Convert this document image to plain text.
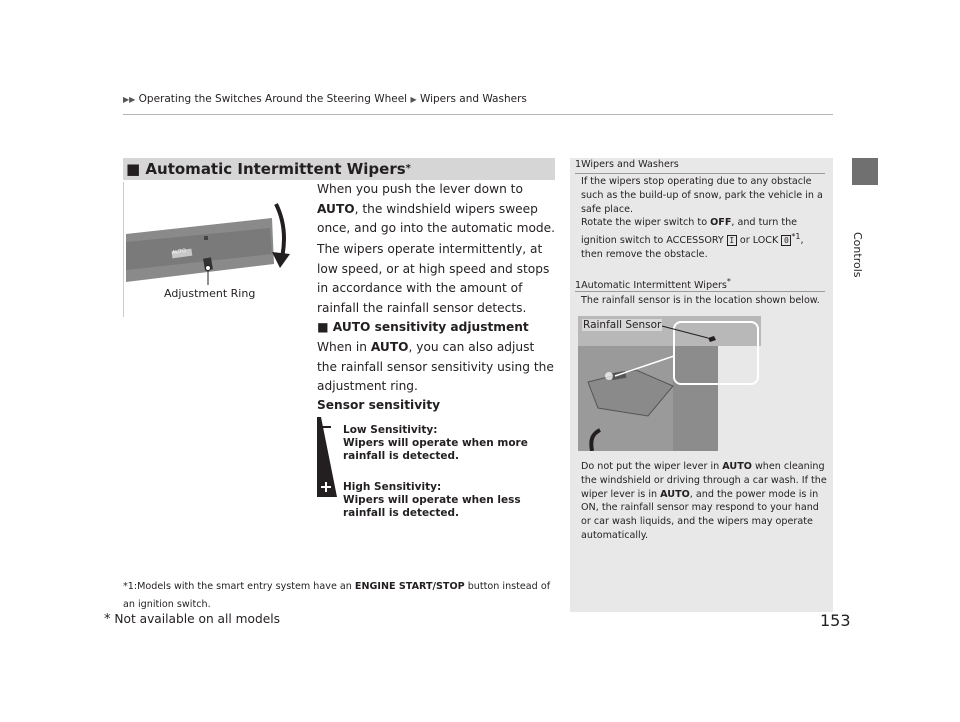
▶▶ Operating the Switches Around the Steering Wheel ▶ Wipers and Washers
Controls
■ Automatic Intermittent Wipers*
AUTO
Adjustment Ring
When you push the lever down to AUTO, the windshield wipers sweep once, and go into the automatic mode.
The wipers operate intermittently, at low speed, or at high speed and stops in accordance with the amount of rainfall the rainfall sensor detects.
■ AUTO sensitivity adjustment
When in AUTO, you can also adjust the rainfall sensor sensitivity using the adjustment ring.
Sensor sensitivity
Low Sensitivity:
Wipers will operate when more rainfall is detected.
High Sensitivity:
Wipers will operate when less rainfall is detected.
*1:Models with the smart entry system have an ENGINE START/STOP button instead of an ignition switch.
1Wipers and Washers
If the wipers stop operating due to any obstacle such as the build-up of snow, park the vehicle in a safe place.
Rotate the wiper switch to OFF, and turn the ignition switch to ACCESSORY I or LOCK 0 $^{*1}$, then remove the obstacle.
1Automatic Intermittent Wipers*
The rainfall sensor is in the location shown below.
Rainfall Sensor
Do not put the wiper lever in AUTO when cleaning the windshield or driving through a car wash. If the wiper lever is in AUTO, and the power mode is in ON, the rainfall sensor may respond to your hand or car wash liquids, and the wipers may operate automatically.
* Not available on all models	153
